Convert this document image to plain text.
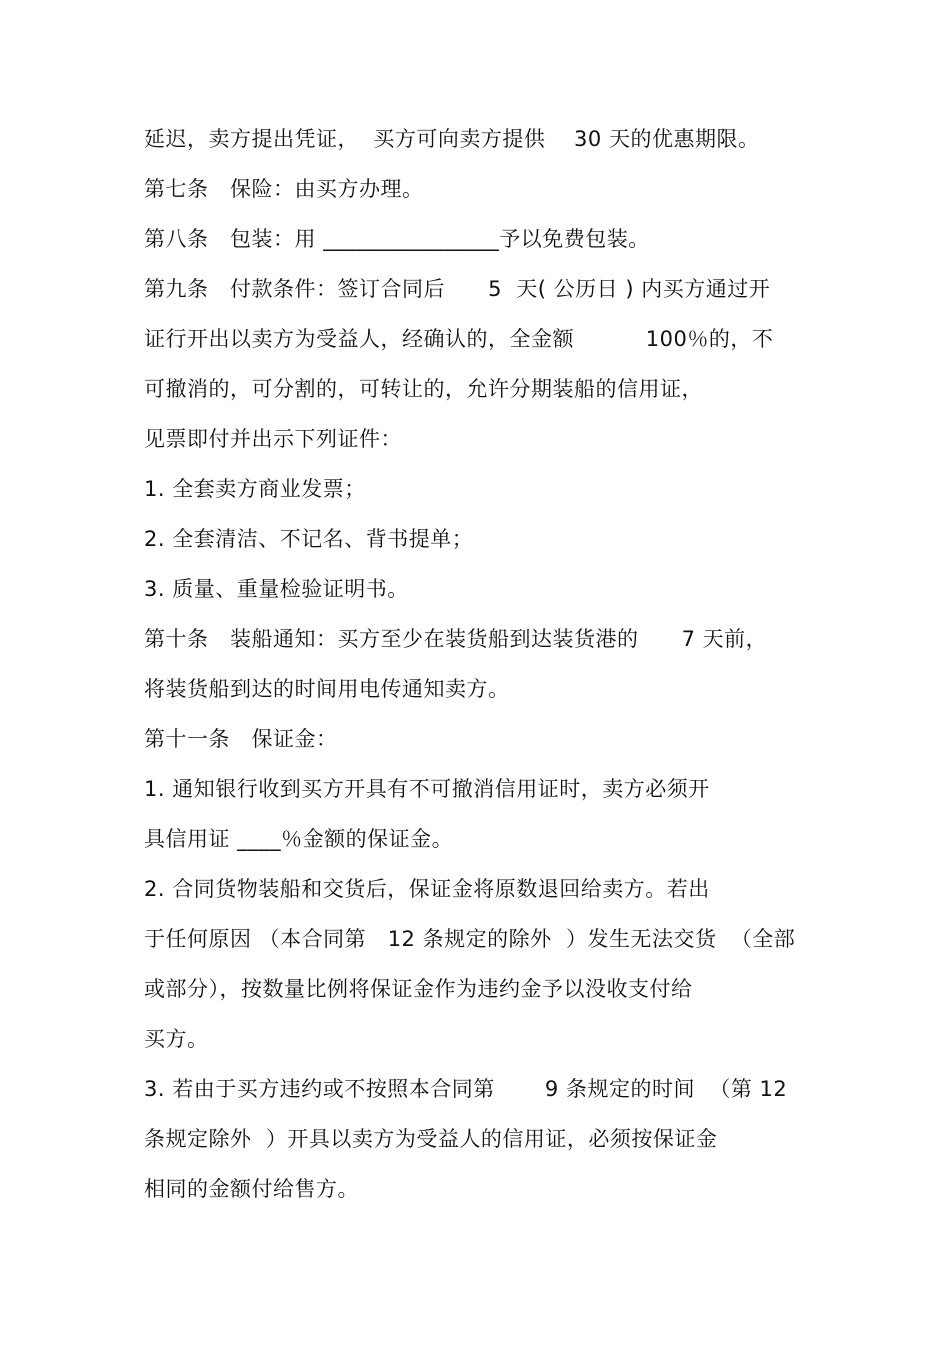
延迟，卖方提出凭证，  买方可向卖方提供    30 天的优惠期限。
第七条   保险：由买方办理。
第八条   包装：用 ________________予以免费包装。
第九条   付款条件：签订合同后      5  天( 公历日 ) 内买方通过开
证行开出以卖方为受益人，经确认的，全金额          100％的，不
可撤消的，可分割的，可转让的，允许分期装船的信用证，
见票即付并出示下列证件：
1. 全套卖方商业发票；
2. 全套清洁、不记名、背书提单；
3. 质量、重量检验证明书。
第十条   装船通知：买方至少在装货船到达装货港的      7 天前，
将装货船到达的时间用电传通知卖方。
第十一条   保证金：
1. 通知银行收到买方开具有不可撤消信用证时，卖方必须开
具信用证 ____％金额的保证金。
2. 合同货物装船和交货后，保证金将原数退回给卖方。若出
于任何原因 （本合同第   12 条规定的除外  ）发生无法交货  （全部
或部分），按数量比例将保证金作为违约金予以没收支付给
买方。
3. 若由于买方违约或不按照本合同第       9 条规定的时间  （第 12
条规定除外  ）开具以卖方为受益人的信用证，必须按保证金
相同的金额付给售方。
